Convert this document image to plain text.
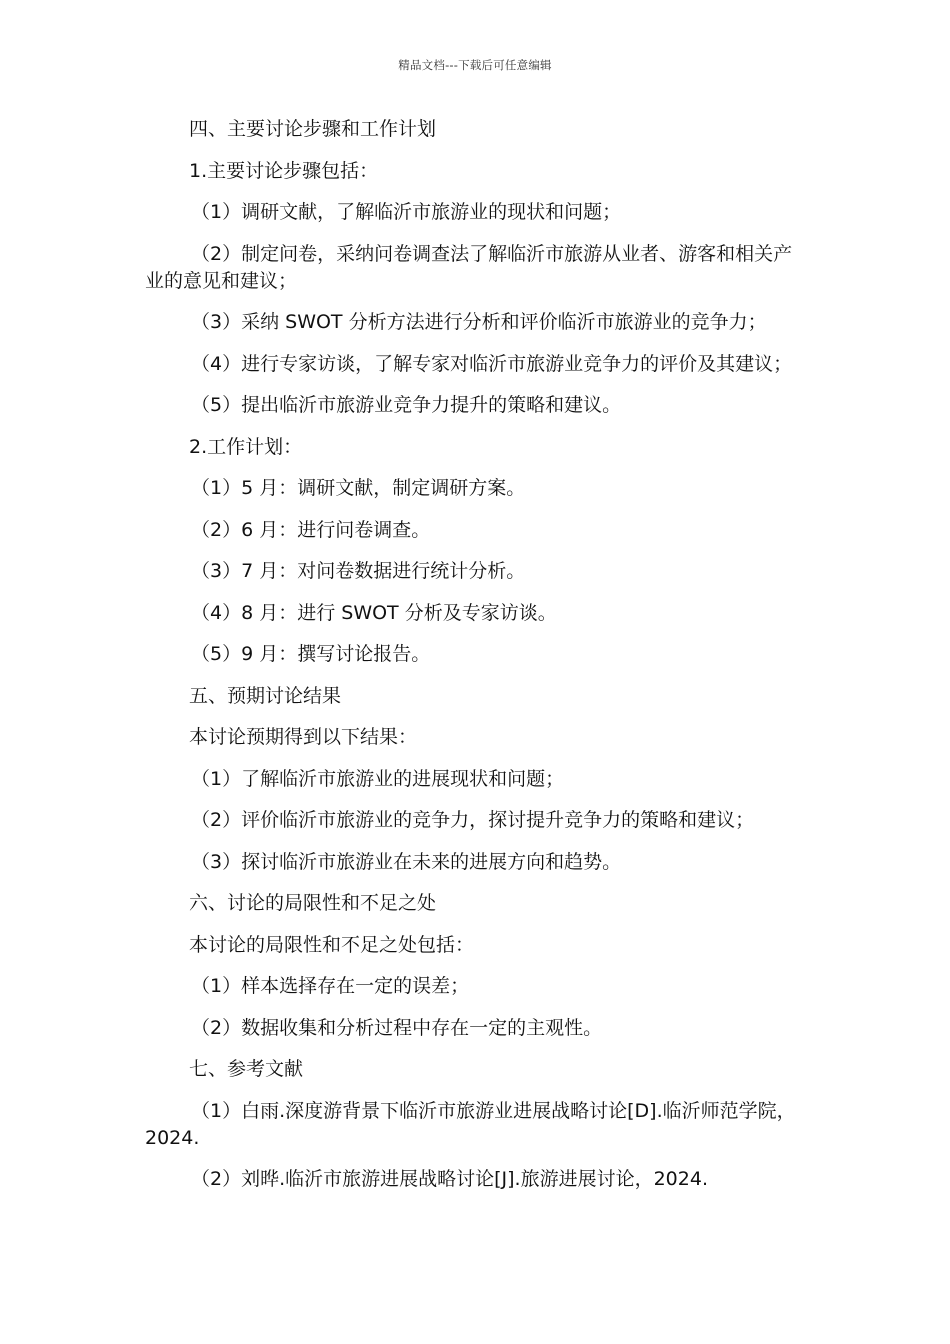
精品文档---下载后可任意编辑

四、主要讨论步骤和工作计划

1.主要讨论步骤包括：

（1）调研文献，了解临沂市旅游业的现状和问题；

（2）制定问卷，采纳问卷调查法了解临沂市旅游从业者、游客和相关产业的意见和建议；

（3）采纳 SWOT 分析方法进行分析和评价临沂市旅游业的竞争力；

（4）进行专家访谈，了解专家对临沂市旅游业竞争力的评价及其建议；

（5）提出临沂市旅游业竞争力提升的策略和建议。

2.工作计划：

（1）5 月：调研文献，制定调研方案。

（2）6 月：进行问卷调查。

（3）7 月：对问卷数据进行统计分析。

（4）8 月：进行 SWOT 分析及专家访谈。

（5）9 月：撰写讨论报告。

五、预期讨论结果

本讨论预期得到以下结果：

（1）了解临沂市旅游业的进展现状和问题；

（2）评价临沂市旅游业的竞争力，探讨提升竞争力的策略和建议；

（3）探讨临沂市旅游业在未来的进展方向和趋势。

六、讨论的局限性和不足之处

本讨论的局限性和不足之处包括：

（1）样本选择存在一定的误差；

（2）数据收集和分析过程中存在一定的主观性。

七、参考文献

（1）白雨.深度游背景下临沂市旅游业进展战略讨论[D].临沂师范学院，2024.

（2）刘晔.临沂市旅游进展战略讨论[J].旅游进展讨论，2024.
